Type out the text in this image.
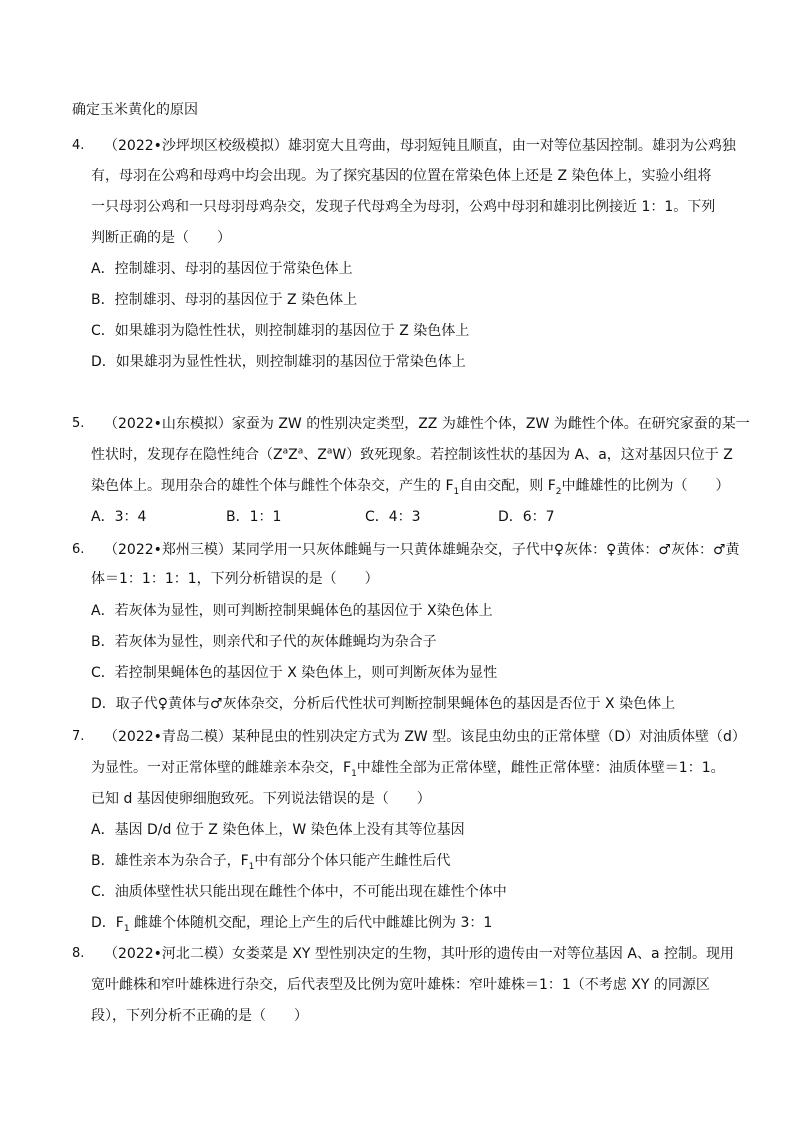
确定玉米黄化的原因
4. （2022•沙坪坝区校级模拟）雄羽宽大且弯曲，母羽短钝且顺直，由一对等位基因控制。雄羽为公鸡独
有，母羽在公鸡和母鸡中均会出现。为了探究基因的位置在常染色体上还是 Z 染色体上，实验小组将
一只母羽公鸡和一只母羽母鸡杂交，发现子代母鸡全为母羽，公鸡中母羽和雄羽比例接近 1：1。下列
判断正确的是（　　）
A．控制雄羽、母羽的基因位于常染色体上
B．控制雄羽、母羽的基因位于 Z 染色体上
C．如果雄羽为隐性性状，则控制雄羽的基因位于 Z 染色体上
D．如果雄羽为显性性状，则控制雄羽的基因位于常染色体上
5. （2022•山东模拟）家蚕为 ZW 的性别决定类型，ZZ 为雄性个体，ZW 为雌性个体。在研究家蚕的某一
性状时，发现存在隐性纯合（$Z^aZ^a$、$Z^aW$）致死现象。若控制该性状的基因为 A、a，这对基因只位于 Z
染色体上。现用杂合的雄性个体与雌性个体杂交，产生的 $F_1$自由交配，则 $F_2$中雌雄性的比例为（　　）
A．3：4	B．1：1	C．4：3	D．6：7
6. （2022•郑州三模）某同学用一只灰体雌蝇与一只黄体雄蝇杂交，子代中♀灰体：♀黄体：♂灰体：♂黄
体＝1：1：1：1，下列分析错误的是（　　）
A．若灰体为显性，则可判断控制果蝇体色的基因位于 X染色体上
B．若灰体为显性，则亲代和子代的灰体雌蝇均为杂合子
C．若控制果蝇体色的基因位于 X 染色体上，则可判断灰体为显性
D．取子代♀黄体与♂灰体杂交，分析后代性状可判断控制果蝇体色的基因是否位于 X 染色体上
7. （2022•青岛二模）某种昆虫的性别决定方式为 ZW 型。该昆虫幼虫的正常体壁（D）对油质体壁（d）
为显性。一对正常体壁的雌雄亲本杂交，$F_1$中雄性全部为正常体壁，雌性正常体壁：油质体壁＝1：1。
已知 d 基因使卵细胞致死。下列说法错误的是（　　）
A．基因 D/d 位于 Z 染色体上，W 染色体上没有其等位基因
B．雄性亲本为杂合子，$F_1$中有部分个体只能产生雌性后代
C．油质体壁性状只能出现在雌性个体中，不可能出现在雄性个体中
D．$F_1$ 雌雄个体随机交配，理论上产生的后代中雌雄比例为 3：1
8. （2022•河北二模）女娄菜是 XY 型性别决定的生物，其叶形的遗传由一对等位基因 A、a 控制。现用
宽叶雌株和窄叶雄株进行杂交，后代表型及比例为宽叶雄株：窄叶雄株＝1：1（不考虑 XY 的同源区
段），下列分析不正确的是（　　）
